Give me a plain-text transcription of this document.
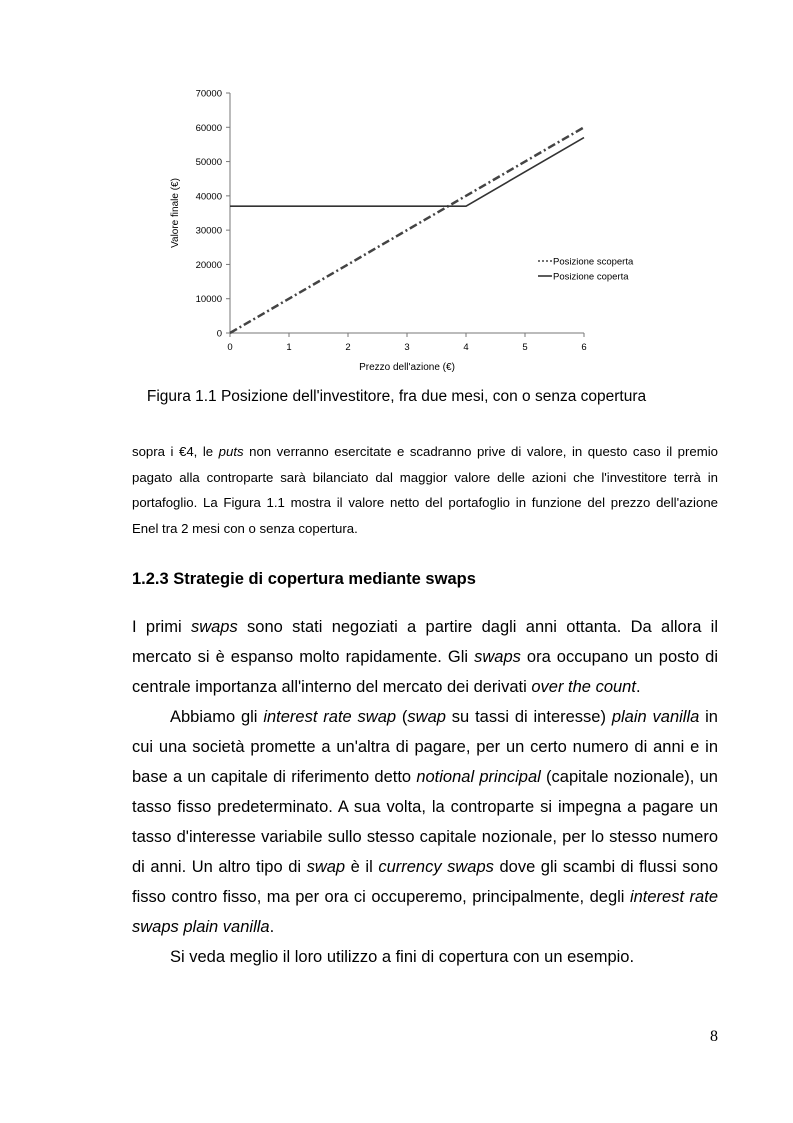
0
10000
20000
30000
40000
50000
60000
70000
0	1	2	3	4	5	6
Valore finale (€)
Prezzo dell'azione (€)
Posizione scoperta
Posizione coperta

Figura 1.1 Posizione dell'investitore, fra due mesi, con o senza copertura

sopra i €4, le puts non verranno esercitate e scadranno prive di valore, in questo caso il premio pagato alla controparte sarà bilanciato dal maggior valore delle azioni che l'investitore terrà in portafoglio. La Figura 1.1 mostra il valore netto del portafoglio in funzione del prezzo dell'azione Enel tra 2 mesi con o senza copertura.

1.2.3 Strategie di copertura mediante swaps

I primi swaps sono stati negoziati a partire dagli anni ottanta. Da allora il mercato si è espanso molto rapidamente. Gli swaps ora occupano un posto di centrale importanza all'interno del mercato dei derivati over the count.

Abbiamo gli interest rate swap (swap su tassi di interesse) plain vanilla in cui una società promette a un'altra di pagare, per un certo numero di anni e in base a un capitale di riferimento detto notional principal (capitale nozionale), un tasso fisso predeterminato. A sua volta, la controparte si impegna a pagare un tasso d'interesse variabile sullo stesso capitale nozionale, per lo stesso numero di anni. Un altro tipo di swap è il currency swaps dove gli scambi di flussi sono fisso contro fisso, ma per ora ci occuperemo, principalmente, degli interest rate swaps plain vanilla.

Si veda meglio il loro utilizzo a fini di copertura con un esempio.

8
